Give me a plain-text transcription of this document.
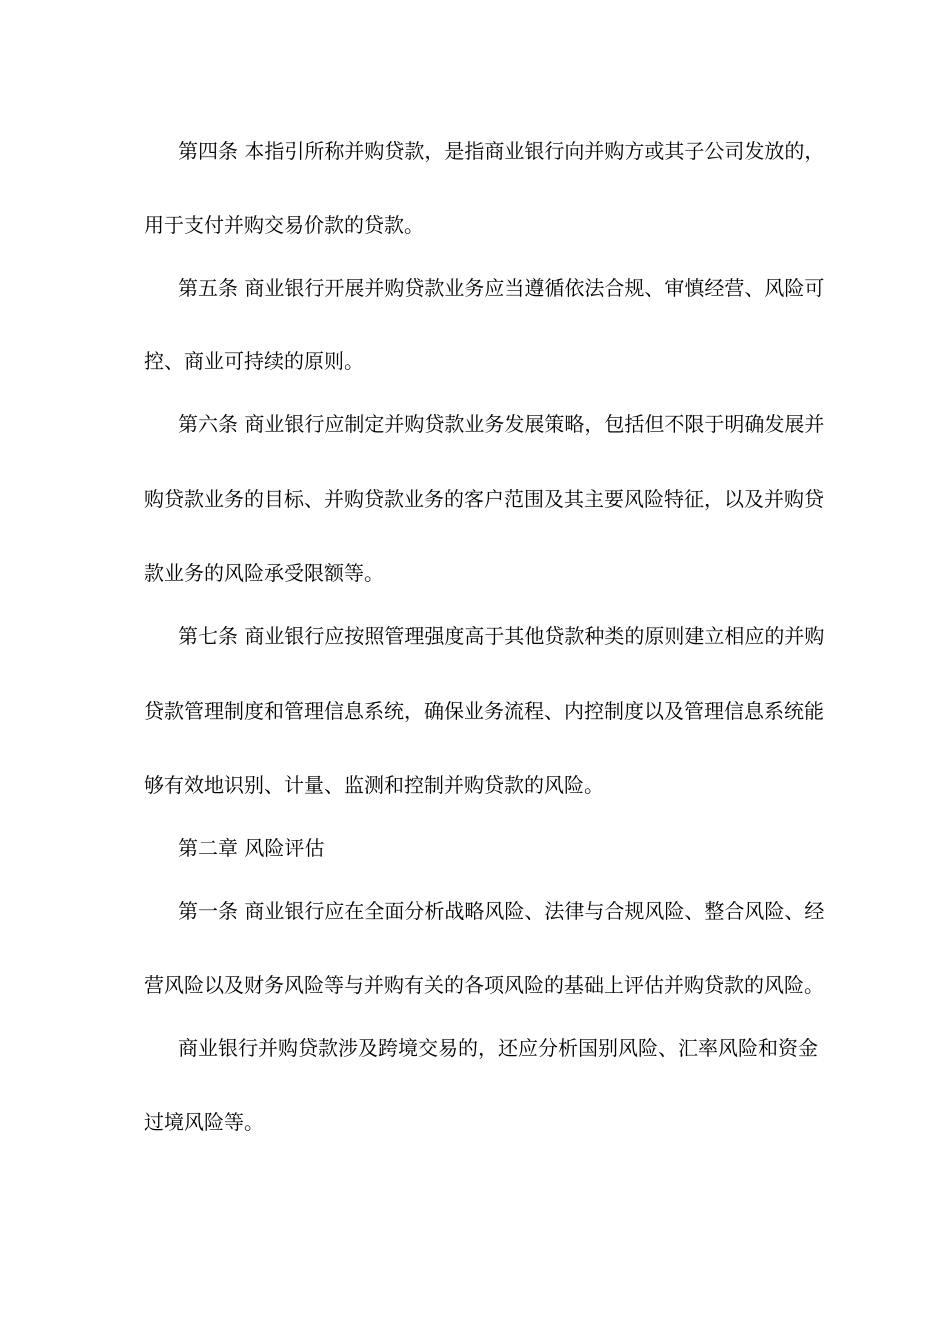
第四条 本指引所称并购贷款，是指商业银行向并购方或其子公司发放的，
用于支付并购交易价款的贷款。
第五条 商业银行开展并购贷款业务应当遵循依法合规、审慎经营、风险可
控、商业可持续的原则。
第六条 商业银行应制定并购贷款业务发展策略，包括但不限于明确发展并
购贷款业务的目标、并购贷款业务的客户范围及其主要风险特征，以及并购贷
款业务的风险承受限额等。
第七条 商业银行应按照管理强度高于其他贷款种类的原则建立相应的并购
贷款管理制度和管理信息系统，确保业务流程、内控制度以及管理信息系统能
够有效地识别、计量、监测和控制并购贷款的风险。
第二章 风险评估
第一条 商业银行应在全面分析战略风险、法律与合规风险、整合风险、经
营风险以及财务风险等与并购有关的各项风险的基础上评估并购贷款的风险。
商业银行并购贷款涉及跨境交易的，还应分析国别风险、汇率风险和资金
过境风险等。
